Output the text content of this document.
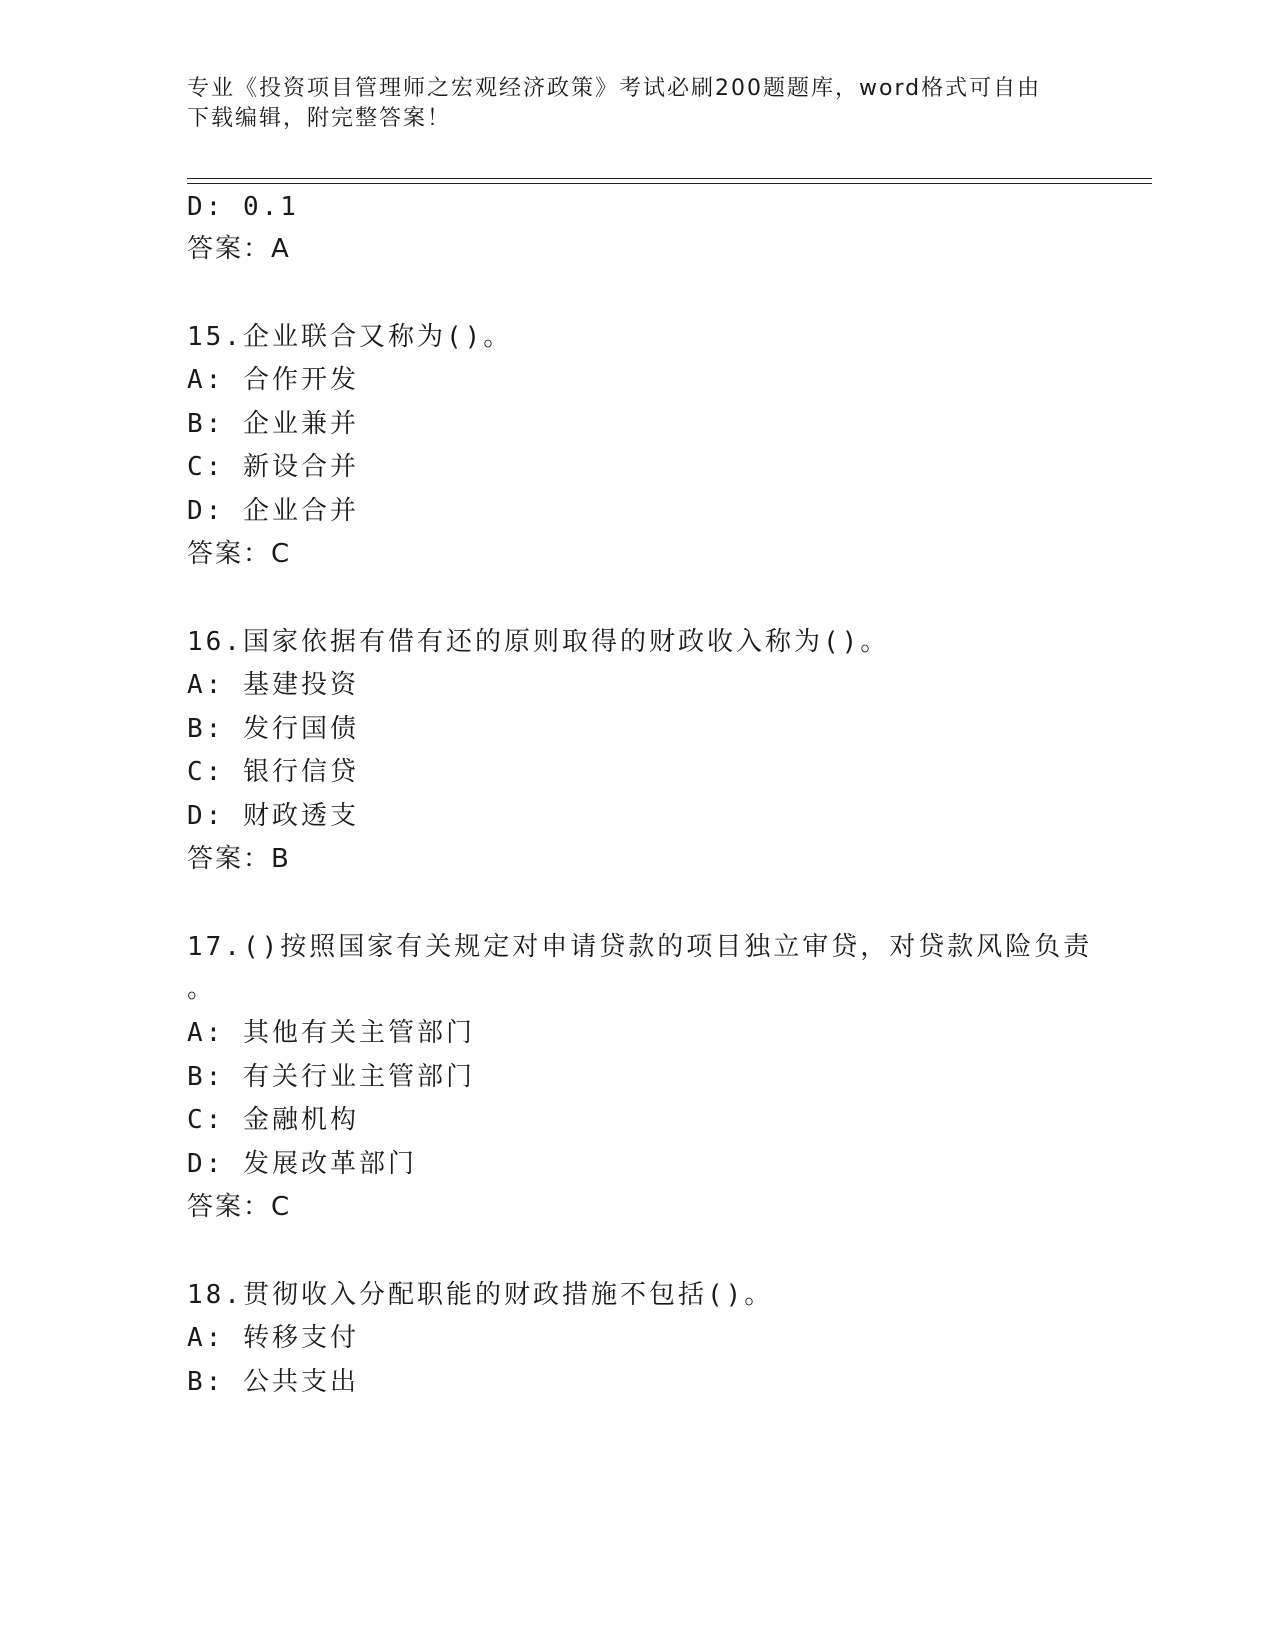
专业《投资项目管理师之宏观经济政策》考试必刷200题题库，word格式可自由
下载编辑，附完整答案！
D: 0.1
答案：A
15.企业联合又称为()。
A: 合作开发
B: 企业兼并
C: 新设合并
D: 企业合并
答案：C
16.国家依据有借有还的原则取得的财政收入称为()。
A: 基建投资
B: 发行国债
C: 银行信贷
D: 财政透支
答案：B
17.()按照国家有关规定对申请贷款的项目独立审贷，对贷款风险负责
。
A: 其他有关主管部门
B: 有关行业主管部门
C: 金融机构
D: 发展改革部门
答案：C
18.贯彻收入分配职能的财政措施不包括()。
A: 转移支付
B: 公共支出
